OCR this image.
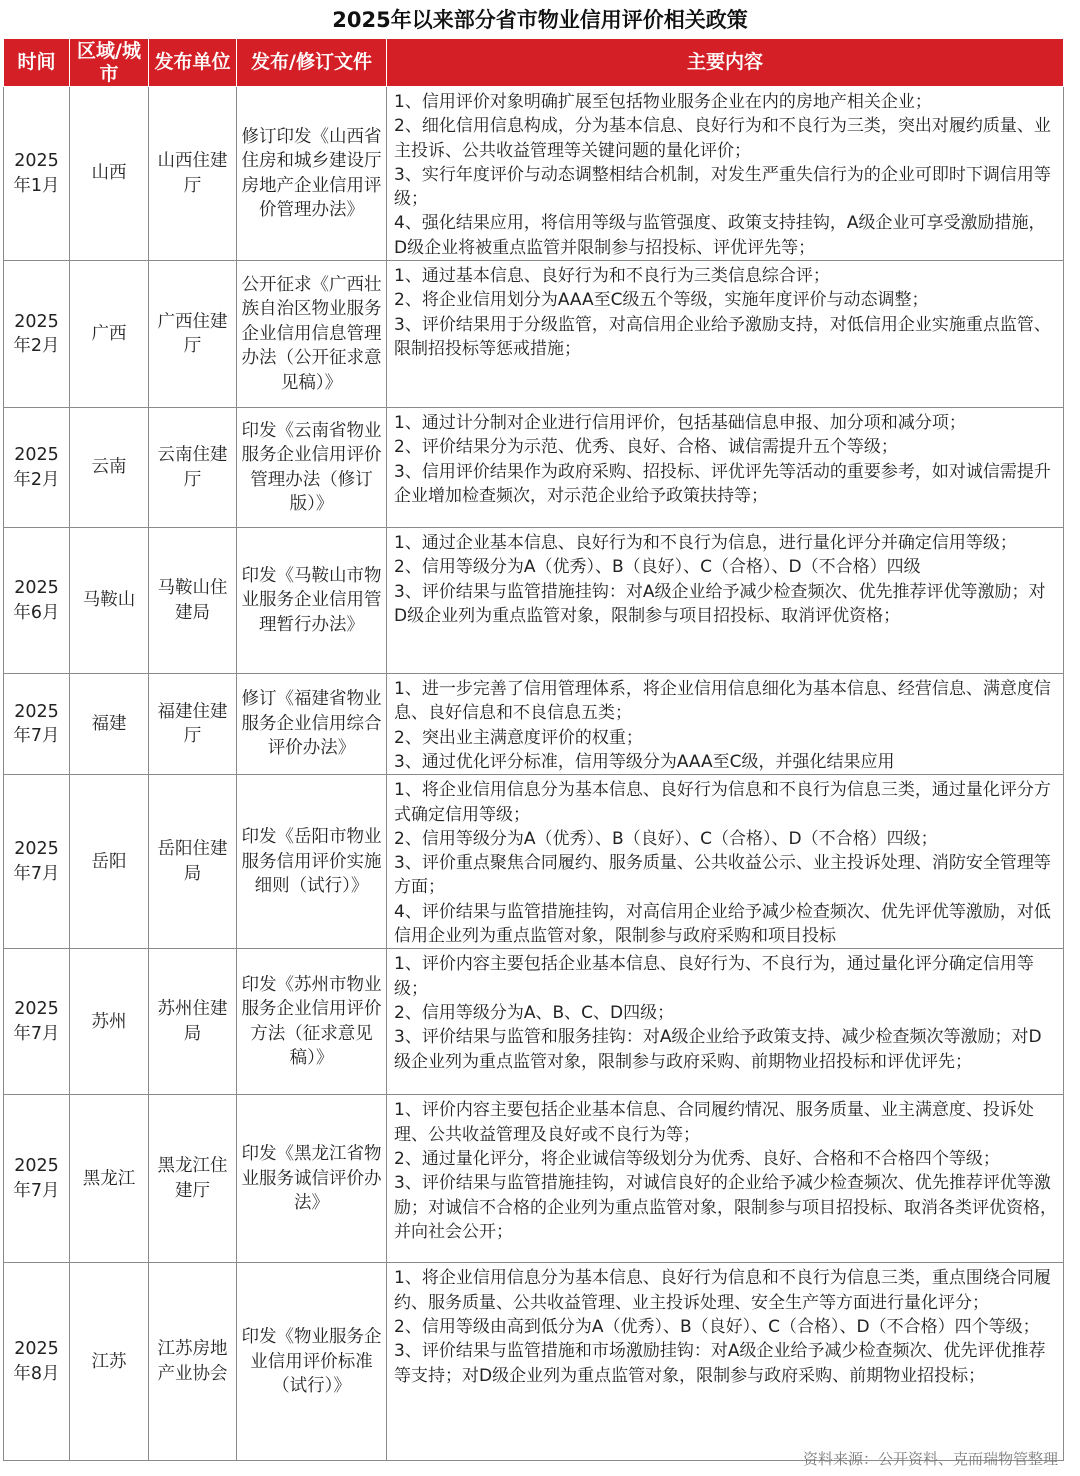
2025年以来部分省市物业信用评价相关政策
时间	区域/城市	发布单位	发布/修订文件	主要内容
2025年1月	山西	山西住建厅	修订印发《山西省住房和城乡建设厅 房地产企业信用评价管理办法》	1、信用评价对象明确扩展至包括物业服务企业在内的房地产相关企业；
2、细化信用信息构成，分为基本信息、良好行为和不良行为三类，突出对履约质量、业主投诉、公共收益管理等关键问题的量化评价；
3、实行年度评价与动态调整相结合机制，对发生严重失信行为的企业可即时下调信用等级；
4、强化结果应用，将信用等级与监管强度、政策支持挂钩，A级企业可享受激励措施，D级企业将被重点监管并限制参与招投标、评优评先等；

2025年2月	广西	广西住建厅	公开征求《广西壮族自治区物业服务企业信用信息管理办法（公开征求意见稿）》	1、通过基本信息、良好行为和不良行为三类信息综合评；
2、将企业信用划分为AAA至C级五个等级，实施年度评价与动态调整；
3、评价结果用于分级监管，对高信用企业给予激励支持，对低信用企业实施重点监管、限制招投标等惩戒措施；

2025年2月	云南	云南住建厅	印发《云南省物业服务企业信用评价管理办法（修订版）》	1、通过计分制对企业进行信用评价，包括基础信息申报、加分项和减分项；
2、评价结果分为示范、优秀、良好、合格、诚信需提升五个等级；
3、信用评价结果作为政府采购、招投标、评优评先等活动的重要参考，如对诚信需提升企业增加检查频次，对示范企业给予政策扶持等；

2025年6月	马鞍山	马鞍山住建局	印发《马鞍山市物业服务企业信用管理暂行办法》	1、通过企业基本信息、良好行为和不良行为信息，进行量化评分并确定信用等级；
2、信用等级分为A（优秀）、B（良好）、C（合格）、D（不合格）四级
3、评价结果与监管措施挂钩：对A级企业给予减少检查频次、优先推荐评优等激励；对D级企业列为重点监管对象，限制参与项目招投标、取消评优资格；

2025年7月	福建	福建住建厅	修订《福建省物业服务企业信用综合评价办法》	1、进一步完善了信用管理体系，将企业信用信息细化为基本信息、经营信息、满意度信息、良好信息和不良信息五类；
2、突出业主满意度评价的权重；
3、通过优化评分标准，信用等级分为AAA至C级，并强化结果应用

2025年7月	岳阳	岳阳住建局	印发《岳阳市物业服务信用评价实施细则（试行）》	1、将企业信用信息分为基本信息、良好行为信息和不良行为信息三类，通过量化评分方式确定信用等级；
2、信用等级分为A（优秀）、B（良好）、C（合格）、D（不合格）四级；
3、评价重点聚焦合同履约、服务质量、公共收益公示、业主投诉处理、消防安全管理等方面；
4、评价结果与监管措施挂钩，对高信用企业给予减少检查频次、优先评优等激励，对低信用企业列为重点监管对象，限制参与政府采购和项目投标

2025年7月	苏州	苏州住建局	印发《苏州市物业服务企业信用评价方法（征求意见稿）》	1、评价内容主要包括企业基本信息、良好行为、不良行为，通过量化评分确定信用等级；
2、信用等级分为A、B、C、D四级；
3、评价结果与监管和服务挂钩：对A级企业给予政策支持、减少检查频次等激励；对D级企业列为重点监管对象，限制参与政府采购、前期物业招投标和评优评先；

2025年7月	黑龙江	黑龙江住建厅	印发《黑龙江省物业服务诚信评价办法》	1、评价内容主要包括企业基本信息、合同履约情况、服务质量、业主满意度、投诉处理、公共收益管理及良好或不良行为等；
2、通过量化评分，将企业诚信等级划分为优秀、良好、合格和不合格四个等级；
3、评价结果与监管措施挂钩，对诚信良好的企业给予减少检查频次、优先推荐评优等激励；对诚信不合格的企业列为重点监管对象，限制参与项目招投标、取消各类评优资格，并向社会公开；

2025年8月	江苏	江苏房地产业协会	印发《物业服务企业信用评价标准（试行）》	1、将企业信用信息分为基本信息、良好行为信息和不良行为信息三类，重点围绕合同履约、服务质量、公共收益管理、业主投诉处理、安全生产等方面进行量化评分；
2、信用等级由高到低分为A（优秀）、B（良好）、C（合格）、D（不合格）四个等级；
3、评价结果与监管措施和市场激励挂钩：对A级企业给予减少检查频次、优先评优推荐等支持；对D级企业列为重点监管对象，限制参与政府采购、前期物业招投标；
资料来源：公开资料、克而瑞物管整理
